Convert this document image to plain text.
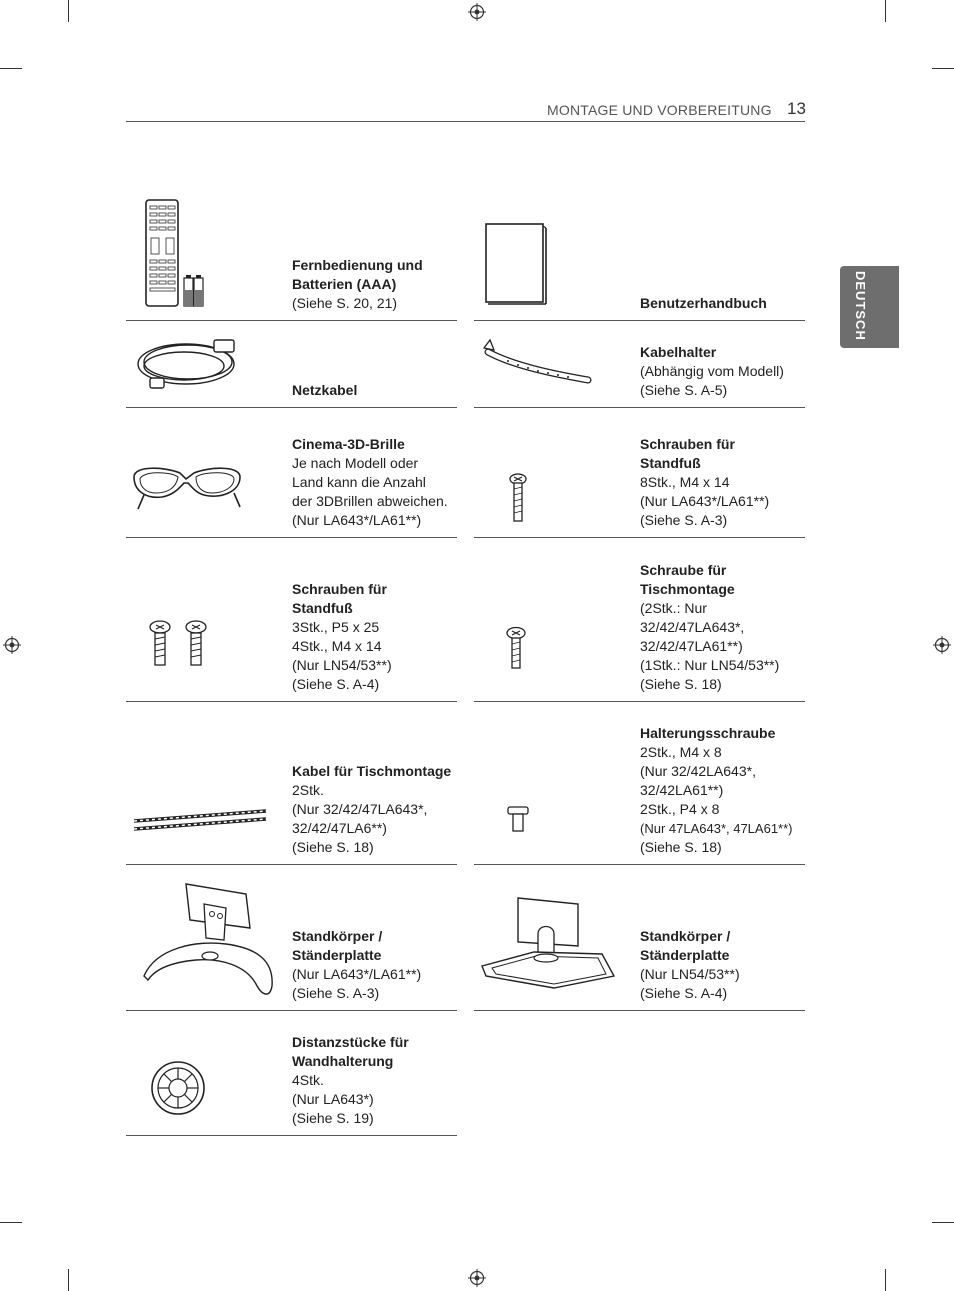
MONTAGE UND VORBEREITUNG 13
DEUTSCH
Fernbedienung und
Batterien (AAA)
(Siehe S. 20, 21)	Benutzerhandbuch
Netzkabel
Kabelhalter
(Abhängig vom Modell)
(Siehe S. A-5)
Cinema-3D-Brille
Je nach Modell oder
Land kann die Anzahl
der 3DBrillen abweichen.
(Nur LA643*/LA61**)
Schrauben für
Standfuß
8Stk., M4 x 14
(Nur LA643*/LA61**)
(Siehe S. A-3)
Schrauben für
Standfuß
3Stk., P5 x 25
4Stk., M4 x 14
(Nur LN54/53**)
(Siehe S. A-4)
Schraube für
Tischmontage
(2Stk.: Nur
32/42/47LA643*,
32/42/47LA61**)
(1Stk.: Nur LN54/53**)
(Siehe S. 18)
Kabel für Tischmontage
2Stk.
(Nur 32/42/47LA643*,
32/42/47LA6**)
(Siehe S. 18)
Halterungsschraube
2Stk., M4 x 8
(Nur 32/42LA643*,
32/42LA61**)
2Stk., P4 x 8
(Nur 47LA643*, 47LA61**)
(Siehe S. 18)
Standkörper /
Ständerplatte
(Nur LA643*/LA61**)
(Siehe S. A-3)
Standkörper /
Ständerplatte
(Nur LN54/53**)
(Siehe S. A-4)
Distanzstücke für
Wandhalterung
4Stk.
(Nur LA643*)
(Siehe S. 19)
